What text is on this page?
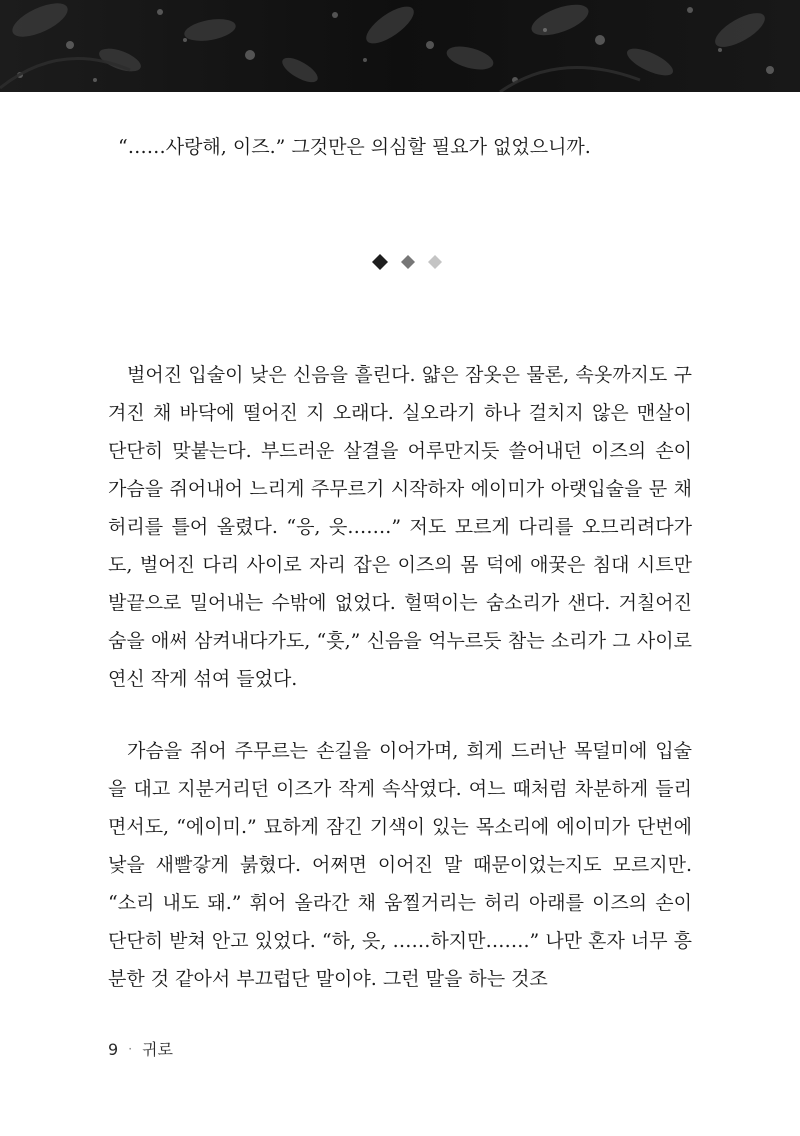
“……사랑해, 이즈.” 그것만은 의심할 필요가 없었으니까.

벌어진 입술이 낮은 신음을 흘린다. 얇은 잠옷은 물론, 속옷까지도 구겨진 채 바닥에 떨어진 지 오래다. 실오라기 하나 걸치지 않은 맨살이 단단히 맞붙는다. 부드러운 살결을 어루만지듯 쓸어내던 이즈의 손이 가슴을 쥐어내어 느리게 주무르기 시작하자 에이미가 아랫입술을 문 채 허리를 틀어 올렸다. “응, 읏…….” 저도 모르게 다리를 오므리려다가도, 벌어진 다리 사이로 자리 잡은 이즈의 몸 덕에 애꿎은 침대 시트만 발끝으로 밀어내는 수밖에 없었다. 헐떡이는 숨소리가 샌다. 거칠어진 숨을 애써 삼켜내다가도, “흣,” 신음을 억누르듯 참는 소리가 그 사이로 연신 작게 섞여 들었다.

가슴을 쥐어 주무르는 손길을 이어가며, 희게 드러난 목덜미에 입술을 대고 지분거리던 이즈가 작게 속삭였다. 여느 때처럼 차분하게 들리면서도, “에이미.” 묘하게 잠긴 기색이 있는 목소리에 에이미가 단번에 낯을 새빨갛게 붉혔다. 어쩌면 이어진 말 때문이었는지도 모르지만. “소리 내도 돼.” 휘어 올라간 채 움찔거리는 허리 아래를 이즈의 손이 단단히 받쳐 안고 있었다. “하, 읏, ……하지만…….” 나만 혼자 너무 흥분한 것 같아서 부끄럽단 말이야. 그런 말을 하는 것조

9 · 귀로
